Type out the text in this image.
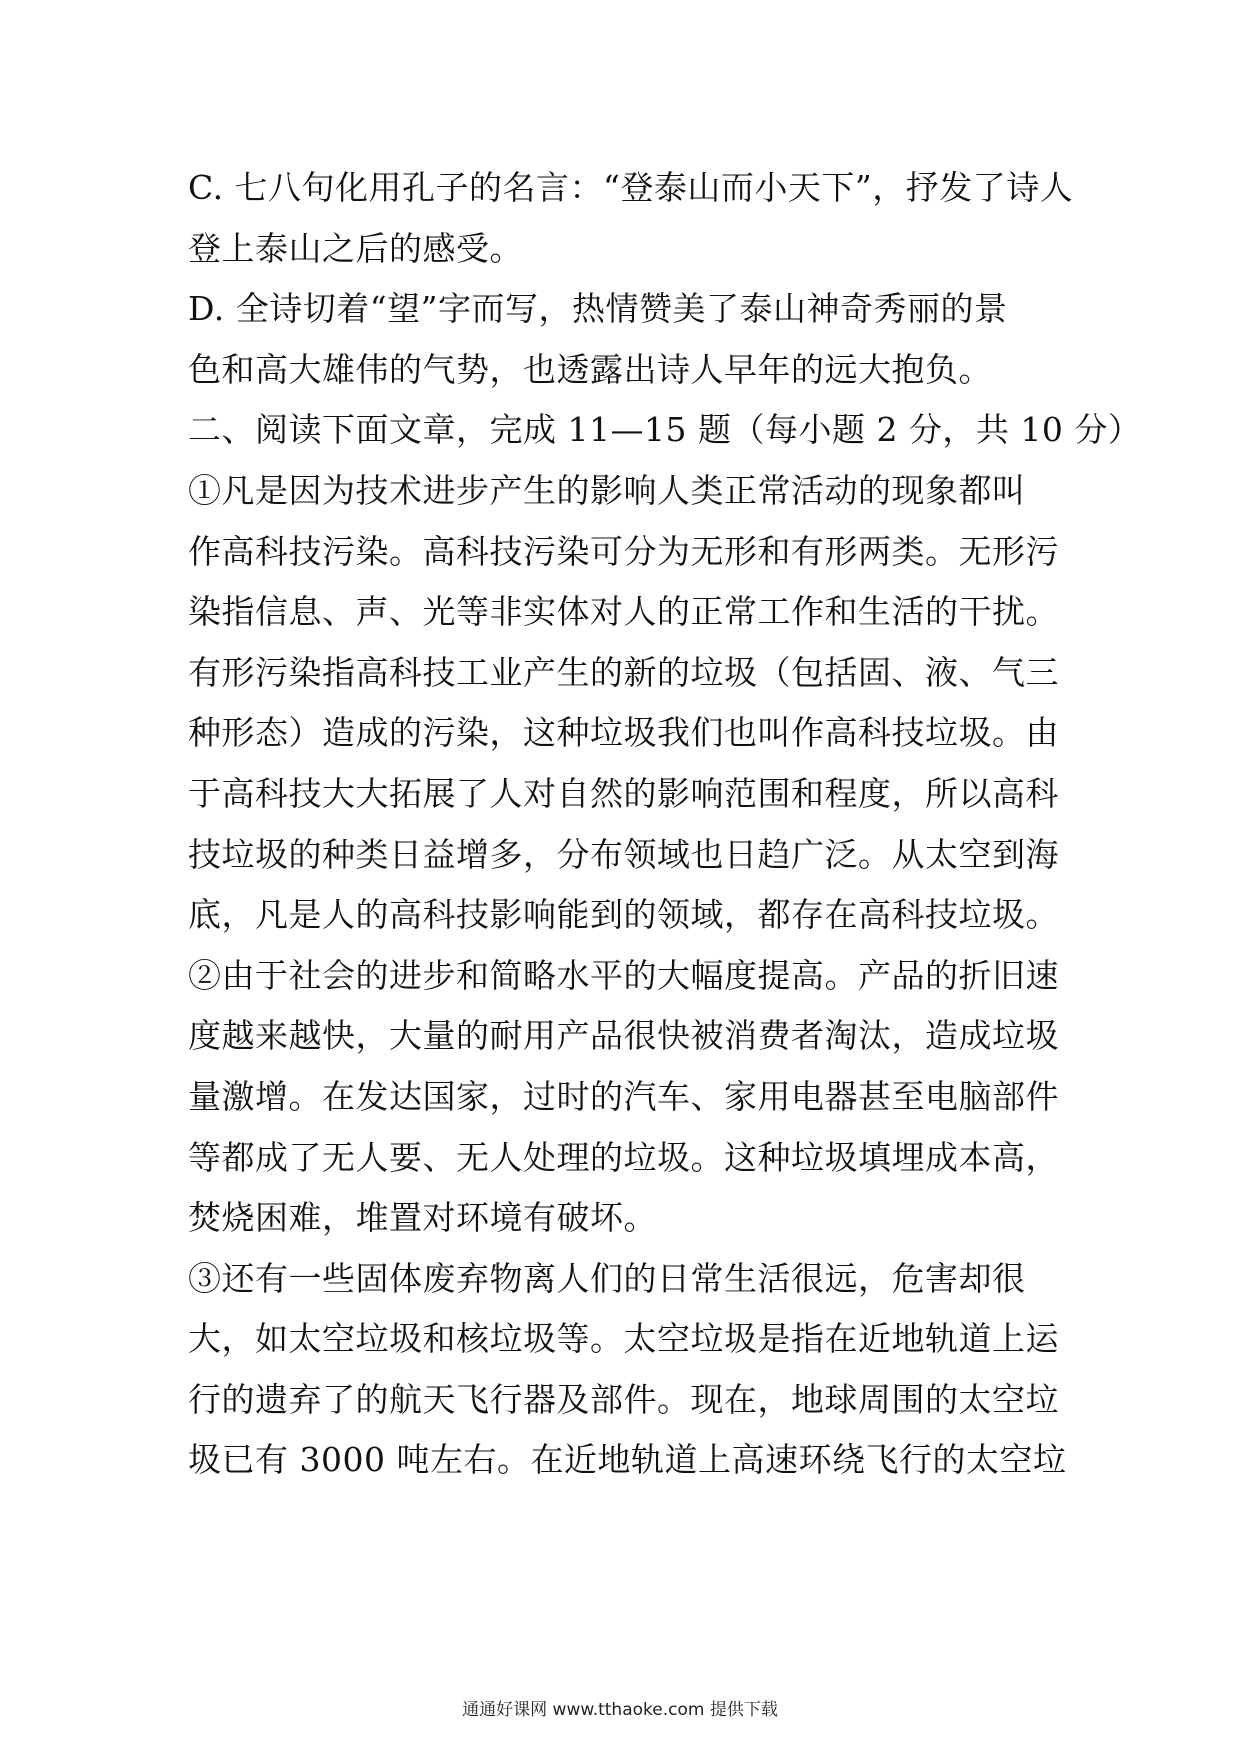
C. 七八句化用孔子的名言：“登泰山而小天下”，抒发了诗人
登上泰山之后的感受。
D. 全诗切着“望”字而写，热情赞美了泰山神奇秀丽的景
色和高大雄伟的气势，也透露出诗人早年的远大抱负。
二、阅读下面文章，完成 11—15 题（每小题 2 分，共 10 分）
①凡是因为技术进步产生的影响人类正常活动的现象都叫
作高科技污染。高科技污染可分为无形和有形两类。无形污
染指信息、声、光等非实体对人的正常工作和生活的干扰。
有形污染指高科技工业产生的新的垃圾（包括固、液、气三
种形态）造成的污染，这种垃圾我们也叫作高科技垃圾。由
于高科技大大拓展了人对自然的影响范围和程度，所以高科
技垃圾的种类日益增多，分布领域也日趋广泛。从太空到海
底，凡是人的高科技影响能到的领域，都存在高科技垃圾。
②由于社会的进步和简略水平的大幅度提高。产品的折旧速
度越来越快，大量的耐用产品很快被消费者淘汰，造成垃圾
量激增。在发达国家，过时的汽车、家用电器甚至电脑部件
等都成了无人要、无人处理的垃圾。这种垃圾填埋成本高，
焚烧困难，堆置对环境有破坏。
③还有一些固体废弃物离人们的日常生活很远，危害却很
大，如太空垃圾和核垃圾等。太空垃圾是指在近地轨道上运
行的遗弃了的航天飞行器及部件。现在，地球周围的太空垃
圾已有 3000 吨左右。在近地轨道上高速环绕飞行的太空垃
通通好课网 www.tthaoke.com 提供下载
